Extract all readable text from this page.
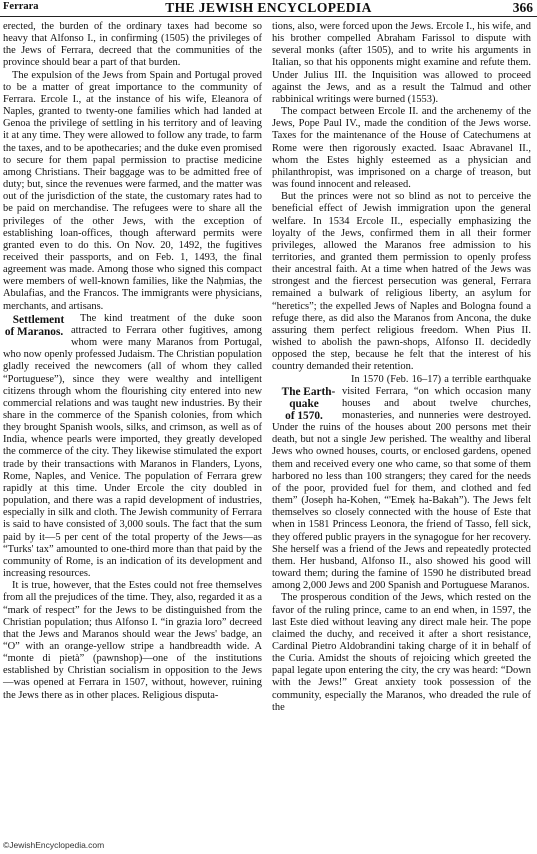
Ferrara	THE JEWISH ENCYCLOPEDIA	366

erected, the burden of the ordinary taxes had become so heavy that Alfonso I., in confirming (1505) the privileges of the Jews of Ferrara, decreed that the communities of the province should bear a part of that burden.

The expulsion of the Jews from Spain and Portugal proved to be a matter of great importance to the community of Ferrara. Ercole I., at the instance of his wife, Eleanora of Naples, granted to twenty-one families which had landed at Genoa the privilege of settling in his territory and of leaving it at any time. They were allowed to follow any trade, to farm the taxes, and to be apothecaries; and the duke even promised to secure for them papal permission to practise medicine among Christians. Their baggage was to be admitted free of duty; but, since the revenues were farmed, and the matter was out of the jurisdiction of the state, the customary rates had to be paid on merchandise. The refugees were to share all the privileges of the other Jews, with the exception of establishing loan-offices, though afterward permits were granted even to do this. On Nov. 20, 1492, the fugitives received their passports, and on Feb. 1, 1493, the final agreement was made. Among those who signed this compact were members of well-known families, like the Naḥmias, the Abulafias, and the Francos. The immigrants were physicians, merchants, and artisans.

Settlement
of Maranos.
The kind treatment of the duke soon attracted to Ferrara other fugitives, among whom were many Maranos from Portugal, who now openly professed Judaism. The Christian population gladly received the newcomers (all of whom they called “Portuguese”), since they were wealthy and intelligent citizens through whom the flourishing city entered into new commercial relations and was taught new industries. By their share in the commerce of the Spanish colonies, from which they brought Spanish wools, silks, and crimson, as well as of India, whence pearls were imported, they greatly developed the commerce of the city. They likewise stimulated the export trade by their transactions with Maranos in Flanders, Lyons, Rome, Naples, and Venice. The population of Ferrara grew rapidly at this time. Under Ercole the city doubled in population, and there was a rapid development of industries, especially in silk and cloth. The Jewish community of Ferrara is said to have consisted of 3,000 souls. The fact that the sum paid by it—5 per cent of the total property of the Jews—as “Turks' tax” amounted to one-third more than that paid by the community of Rome, is an indication of its development and increasing resources.

It is true, however, that the Estes could not free themselves from all the prejudices of the time. They, also, regarded it as a “mark of respect” for the Jews to be distinguished from the Christian population; thus Alfonso I. “in grazia loro” decreed that the Jews and Maranos should wear the Jews' badge, an “O” with an orange-yellow stripe a handbreadth wide. A “monte di pietà” (pawnshop)—one of the institutions established by Christian socialism in opposition to the Jews—was opened at Ferrara in 1507, without, however, ruining the Jews there as in other places. Religious disputa-

tions, also, were forced upon the Jews. Ercole I., his wife, and his brother compelled Abraham Farissol to dispute with several monks (after 1505), and to write his arguments in Italian, so that his opponents might examine and refute them. Under Julius III. the Inquisition was allowed to proceed against the Jews, and as a result the Talmud and other rabbinical writings were burned (1553).

The compact between Ercole II. and the archenemy of the Jews, Pope Paul IV., made the condition of the Jews worse. Taxes for the maintenance of the House of Catechumens at Rome were then rigorously exacted. Isaac Abravanel II., whom the Estes highly esteemed as a physician and philanthropist, was imprisoned on a charge of treason, but was found innocent and released.

But the princes were not so blind as not to perceive the beneficial effect of Jewish immigration upon the general welfare. In 1534 Ercole II., especially emphasizing the loyalty of the Jews, confirmed them in all their former privileges, allowed the Maranos free admission to his territories, and granted them permission to openly profess their ancestral faith. At a time when hatred of the Jews was strongest and the fiercest persecution was general, Ferrara remained a bulwark of religious liberty, an asylum for “heretics”; the expelled Jews of Naples and Bologna found a refuge there, as did also the Maranos from Ancona, the duke assuring them perfect religious freedom. When Pius II. wished to abolish the pawn-shops, Alfonso II. decidedly opposed the step, because he felt that the interest of his country demanded their retention.

The Earth-
quake
of 1570.
In 1570 (Feb. 16–17) a terrible earthquake visited Ferrara, “on which occasion many houses and about twelve churches, monasteries, and nunneries were destroyed. Under the ruins of the houses about 200 persons met their death, but not a single Jew perished. The wealthy and liberal Jews who owned houses, courts, or enclosed gardens, opened them and received every one who came, so that some of them harbored no less than 100 strangers; they cared for the needs of the poor, provided fuel for them, and clothed and fed them” (Joseph ha-Kohen, “'Emeḳ ha-Bakah”). The Jews felt themselves so closely connected with the house of Este that when in 1581 Princess Leonora, the friend of Tasso, fell sick, they offered public prayers in the synagogue for her recovery. She herself was a friend of the Jews and repeatedly protected them. Her husband, Alfonso II., also showed his good will toward them; during the famine of 1590 he distributed bread among 2,000 Jews and 200 Spanish and Portuguese Maranos.

The prosperous condition of the Jews, which rested on the favor of the ruling prince, came to an end when, in 1597, the last Este died without leaving any direct male heir. The pope claimed the duchy, and received it after a short resistance, Cardinal Pietro Aldobrandini taking charge of it in behalf of the Curia. Amidst the shouts of rejoicing which greeted the papal legate upon entering the city, the cry was heard: “Down with the Jews!” Great anxiety took possession of the community, especially the Maranos, who dreaded the rule of the

©JewishEncyclopedia.com
